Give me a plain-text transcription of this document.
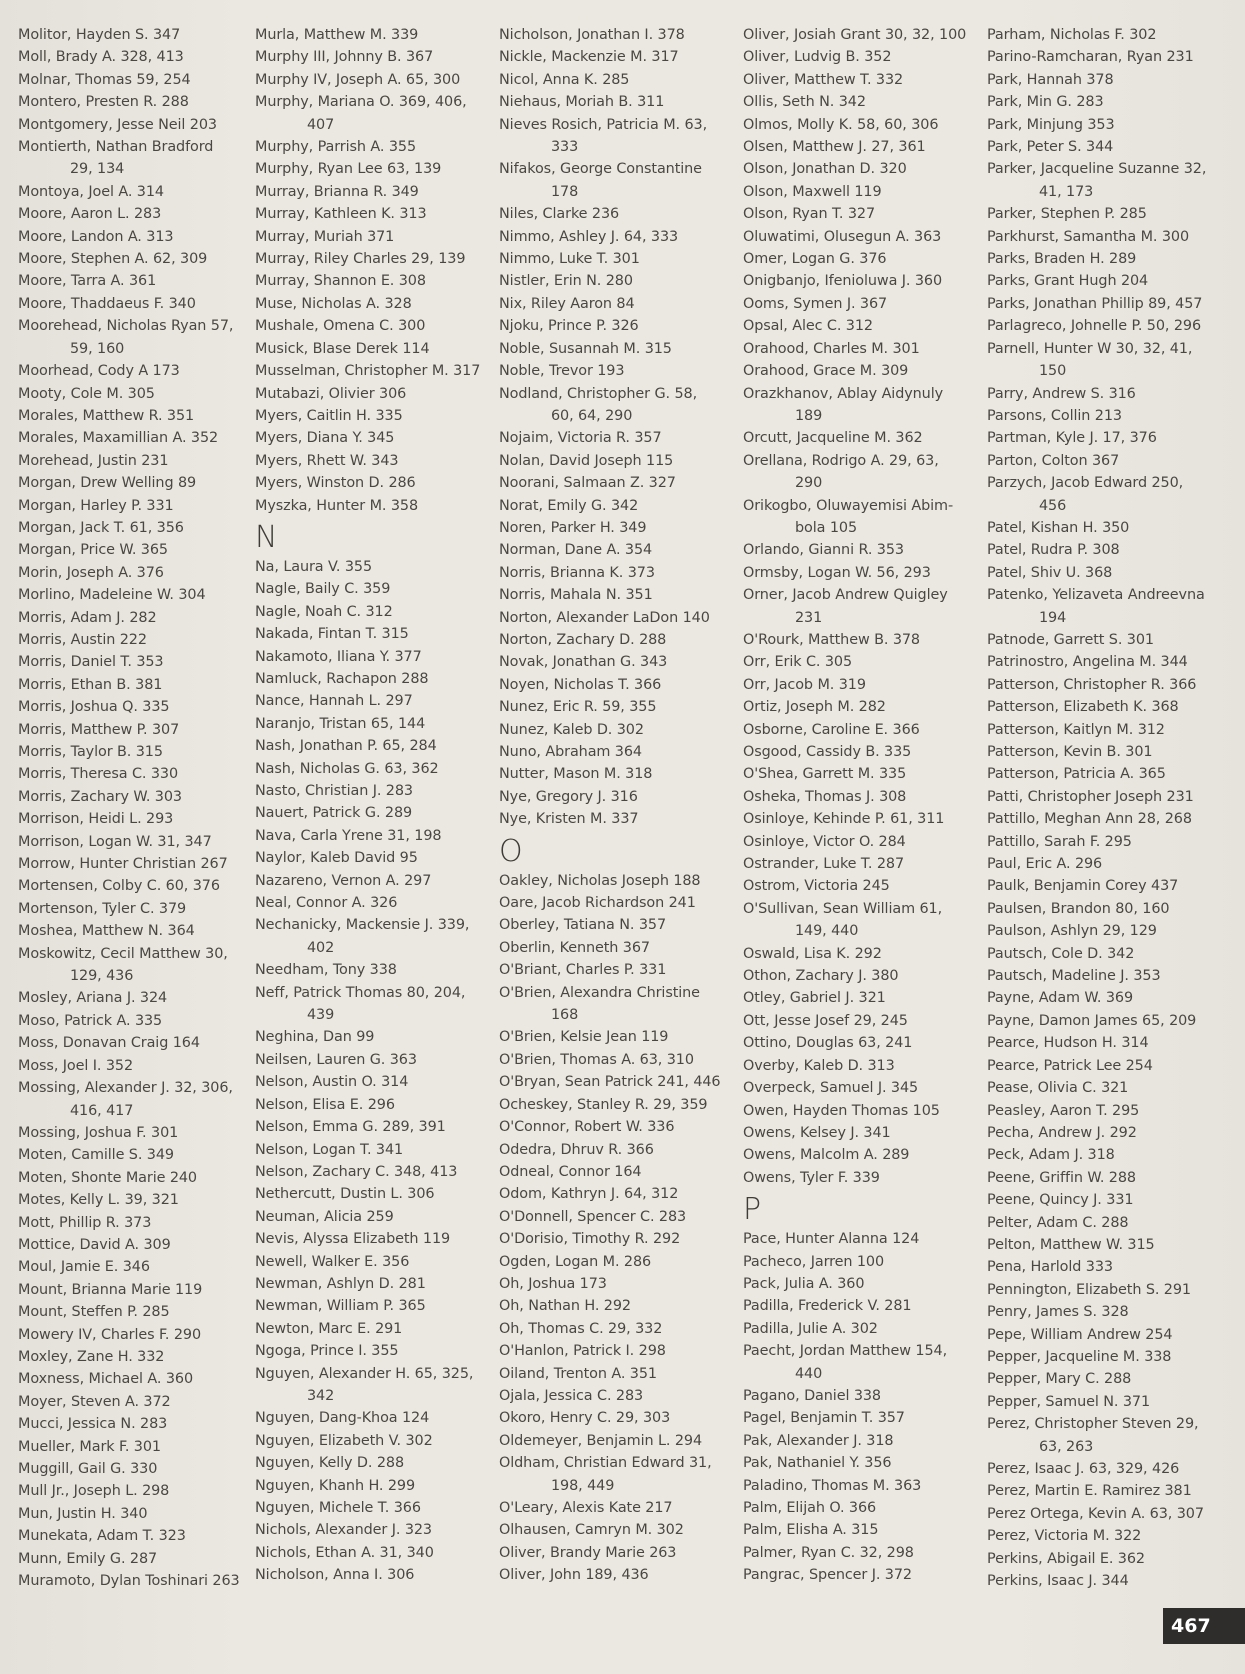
Molitor, Hayden S. 347
Moll, Brady A. 328, 413
Molnar, Thomas 59, 254
Montero, Presten R. 288
Montgomery, Jesse Neil 203
Montierth, Nathan Bradford
29, 134
Montoya, Joel A. 314
Moore, Aaron L. 283
Moore, Landon A. 313
Moore, Stephen A. 62, 309
Moore, Tarra A. 361
Moore, Thaddaeus F. 340
Moorehead, Nicholas Ryan 57,
59, 160
Moorhead, Cody A 173
Mooty, Cole M. 305
Morales, Matthew R. 351
Morales, Maxamillian A. 352
Morehead, Justin 231
Morgan, Drew Welling 89
Morgan, Harley P. 331
Morgan, Jack T. 61, 356
Morgan, Price W. 365
Morin, Joseph A. 376
Morlino, Madeleine W. 304
Morris, Adam J. 282
Morris, Austin 222
Morris, Daniel T. 353
Morris, Ethan B. 381
Morris, Joshua Q. 335
Morris, Matthew P. 307
Morris, Taylor B. 315
Morris, Theresa C. 330
Morris, Zachary W. 303
Morrison, Heidi L. 293
Morrison, Logan W. 31, 347
Morrow, Hunter Christian 267
Mortensen, Colby C. 60, 376
Mortenson, Tyler C. 379
Moshea, Matthew N. 364
Moskowitz, Cecil Matthew 30,
129, 436
Mosley, Ariana J. 324
Moso, Patrick A. 335
Moss, Donavan Craig 164
Moss, Joel I. 352
Mossing, Alexander J. 32, 306,
416, 417
Mossing, Joshua F. 301
Moten, Camille S. 349
Moten, Shonte Marie 240
Motes, Kelly L. 39, 321
Mott, Phillip R. 373
Mottice, David A. 309
Moul, Jamie E. 346
Mount, Brianna Marie 119
Mount, Steffen P. 285
Mowery IV, Charles F. 290
Moxley, Zane H. 332
Moxness, Michael A. 360
Moyer, Steven A. 372
Mucci, Jessica N. 283
Mueller, Mark F. 301
Muggill, Gail G. 330
Mull Jr., Joseph L. 298
Mun, Justin H. 340
Munekata, Adam T. 323
Munn, Emily G. 287
Muramoto, Dylan Toshinari 263
Murla, Matthew M. 339
Murphy III, Johnny B. 367
Murphy IV, Joseph A. 65, 300
Murphy, Mariana O. 369, 406,
407
Murphy, Parrish A. 355
Murphy, Ryan Lee 63, 139
Murray, Brianna R. 349
Murray, Kathleen K. 313
Murray, Muriah 371
Murray, Riley Charles 29, 139
Murray, Shannon E. 308
Muse, Nicholas A. 328
Mushale, Omena C. 300
Musick, Blase Derek 114
Musselman, Christopher M. 317
Mutabazi, Olivier 306
Myers, Caitlin H. 335
Myers, Diana Y. 345
Myers, Rhett W. 343
Myers, Winston D. 286
Myszka, Hunter M. 358
N
Na, Laura V. 355
Nagle, Baily C. 359
Nagle, Noah C. 312
Nakada, Fintan T. 315
Nakamoto, Iliana Y. 377
Namluck, Rachapon 288
Nance, Hannah L. 297
Naranjo, Tristan 65, 144
Nash, Jonathan P. 65, 284
Nash, Nicholas G. 63, 362
Nasto, Christian J. 283
Nauert, Patrick G. 289
Nava, Carla Yrene 31, 198
Naylor, Kaleb David 95
Nazareno, Vernon A. 297
Neal, Connor A. 326
Nechanicky, Mackensie J. 339,
402
Needham, Tony 338
Neff, Patrick Thomas 80, 204,
439
Neghina, Dan 99
Neilsen, Lauren G. 363
Nelson, Austin O. 314
Nelson, Elisa E. 296
Nelson, Emma G. 289, 391
Nelson, Logan T. 341
Nelson, Zachary C. 348, 413
Nethercutt, Dustin L. 306
Neuman, Alicia 259
Nevis, Alyssa Elizabeth 119
Newell, Walker E. 356
Newman, Ashlyn D. 281
Newman, William P. 365
Newton, Marc E. 291
Ngoga, Prince I. 355
Nguyen, Alexander H. 65, 325,
342
Nguyen, Dang-Khoa 124
Nguyen, Elizabeth V. 302
Nguyen, Kelly D. 288
Nguyen, Khanh H. 299
Nguyen, Michele T. 366
Nichols, Alexander J. 323
Nichols, Ethan A. 31, 340
Nicholson, Anna I. 306
Nicholson, Jonathan I. 378
Nickle, Mackenzie M. 317
Nicol, Anna K. 285
Niehaus, Moriah B. 311
Nieves Rosich, Patricia M. 63,
333
Nifakos, George Constantine
178
Niles, Clarke 236
Nimmo, Ashley J. 64, 333
Nimmo, Luke T. 301
Nistler, Erin N. 280
Nix, Riley Aaron 84
Njoku, Prince P. 326
Noble, Susannah M. 315
Noble, Trevor 193
Nodland, Christopher G. 58,
60, 64, 290
Nojaim, Victoria R. 357
Nolan, David Joseph 115
Noorani, Salmaan Z. 327
Norat, Emily G. 342
Noren, Parker H. 349
Norman, Dane A. 354
Norris, Brianna K. 373
Norris, Mahala N. 351
Norton, Alexander LaDon 140
Norton, Zachary D. 288
Novak, Jonathan G. 343
Noyen, Nicholas T. 366
Nunez, Eric R. 59, 355
Nunez, Kaleb D. 302
Nuno, Abraham 364
Nutter, Mason M. 318
Nye, Gregory J. 316
Nye, Kristen M. 337
O
Oakley, Nicholas Joseph 188
Oare, Jacob Richardson 241
Oberley, Tatiana N. 357
Oberlin, Kenneth 367
O'Briant, Charles P. 331
O'Brien, Alexandra Christine
168
O'Brien, Kelsie Jean 119
O'Brien, Thomas A. 63, 310
O'Bryan, Sean Patrick 241, 446
Ocheskey, Stanley R. 29, 359
O'Connor, Robert W. 336
Odedra, Dhruv R. 366
Odneal, Connor 164
Odom, Kathryn J. 64, 312
O'Donnell, Spencer C. 283
O'Dorisio, Timothy R. 292
Ogden, Logan M. 286
Oh, Joshua 173
Oh, Nathan H. 292
Oh, Thomas C. 29, 332
O'Hanlon, Patrick I. 298
Oiland, Trenton A. 351
Ojala, Jessica C. 283
Okoro, Henry C. 29, 303
Oldemeyer, Benjamin L. 294
Oldham, Christian Edward 31,
198, 449
O'Leary, Alexis Kate 217
Olhausen, Camryn M. 302
Oliver, Brandy Marie 263
Oliver, John 189, 436
Oliver, Josiah Grant 30, 32, 100
Oliver, Ludvig B. 352
Oliver, Matthew T. 332
Ollis, Seth N. 342
Olmos, Molly K. 58, 60, 306
Olsen, Matthew J. 27, 361
Olson, Jonathan D. 320
Olson, Maxwell 119
Olson, Ryan T. 327
Oluwatimi, Olusegun A. 363
Omer, Logan G. 376
Onigbanjo, Ifenioluwa J. 360
Ooms, Symen J. 367
Opsal, Alec C. 312
Orahood, Charles M. 301
Orahood, Grace M. 309
Orazkhanov, Ablay Aidynuly
189
Orcutt, Jacqueline M. 362
Orellana, Rodrigo A. 29, 63,
290
Orikogbo, Oluwayemisi Abim-
bola 105
Orlando, Gianni R. 353
Ormsby, Logan W. 56, 293
Orner, Jacob Andrew Quigley
231
O'Rourk, Matthew B. 378
Orr, Erik C. 305
Orr, Jacob M. 319
Ortiz, Joseph M. 282
Osborne, Caroline E. 366
Osgood, Cassidy B. 335
O'Shea, Garrett M. 335
Osheka, Thomas J. 308
Osinloye, Kehinde P. 61, 311
Osinloye, Victor O. 284
Ostrander, Luke T. 287
Ostrom, Victoria 245
O'Sullivan, Sean William 61,
149, 440
Oswald, Lisa K. 292
Othon, Zachary J. 380
Otley, Gabriel J. 321
Ott, Jesse Josef 29, 245
Ottino, Douglas 63, 241
Overby, Kaleb D. 313
Overpeck, Samuel J. 345
Owen, Hayden Thomas 105
Owens, Kelsey J. 341
Owens, Malcolm A. 289
Owens, Tyler F. 339
P
Pace, Hunter Alanna 124
Pacheco, Jarren 100
Pack, Julia A. 360
Padilla, Frederick V. 281
Padilla, Julie A. 302
Paecht, Jordan Matthew 154,
440
Pagano, Daniel 338
Pagel, Benjamin T. 357
Pak, Alexander J. 318
Pak, Nathaniel Y. 356
Paladino, Thomas M. 363
Palm, Elijah O. 366
Palm, Elisha A. 315
Palmer, Ryan C. 32, 298
Pangrac, Spencer J. 372
Parham, Nicholas F. 302
Parino-Ramcharan, Ryan 231
Park, Hannah 378
Park, Min G. 283
Park, Minjung 353
Park, Peter S. 344
Parker, Jacqueline Suzanne 32,
41, 173
Parker, Stephen P. 285
Parkhurst, Samantha M. 300
Parks, Braden H. 289
Parks, Grant Hugh 204
Parks, Jonathan Phillip 89, 457
Parlagreco, Johnelle P. 50, 296
Parnell, Hunter W 30, 32, 41,
150
Parry, Andrew S. 316
Parsons, Collin 213
Partman, Kyle J. 17, 376
Parton, Colton 367
Parzych, Jacob Edward 250,
456
Patel, Kishan H. 350
Patel, Rudra P. 308
Patel, Shiv U. 368
Patenko, Yelizaveta Andreevna
194
Patnode, Garrett S. 301
Patrinostro, Angelina M. 344
Patterson, Christopher R. 366
Patterson, Elizabeth K. 368
Patterson, Kaitlyn M. 312
Patterson, Kevin B. 301
Patterson, Patricia A. 365
Patti, Christopher Joseph 231
Pattillo, Meghan Ann 28, 268
Pattillo, Sarah F. 295
Paul, Eric A. 296
Paulk, Benjamin Corey 437
Paulsen, Brandon 80, 160
Paulson, Ashlyn 29, 129
Pautsch, Cole D. 342
Pautsch, Madeline J. 353
Payne, Adam W. 369
Payne, Damon James 65, 209
Pearce, Hudson H. 314
Pearce, Patrick Lee 254
Pease, Olivia C. 321
Peasley, Aaron T. 295
Pecha, Andrew J. 292
Peck, Adam J. 318
Peene, Griffin W. 288
Peene, Quincy J. 331
Pelter, Adam C. 288
Pelton, Matthew W. 315
Pena, Harlold 333
Pennington, Elizabeth S. 291
Penry, James S. 328
Pepe, William Andrew 254
Pepper, Jacqueline M. 338
Pepper, Mary C. 288
Pepper, Samuel N. 371
Perez, Christopher Steven 29,
63, 263
Perez, Isaac J. 63, 329, 426
Perez, Martin E. Ramirez 381
Perez Ortega, Kevin A. 63, 307
Perez, Victoria M. 322
Perkins, Abigail E. 362
Perkins, Isaac J. 344
467
